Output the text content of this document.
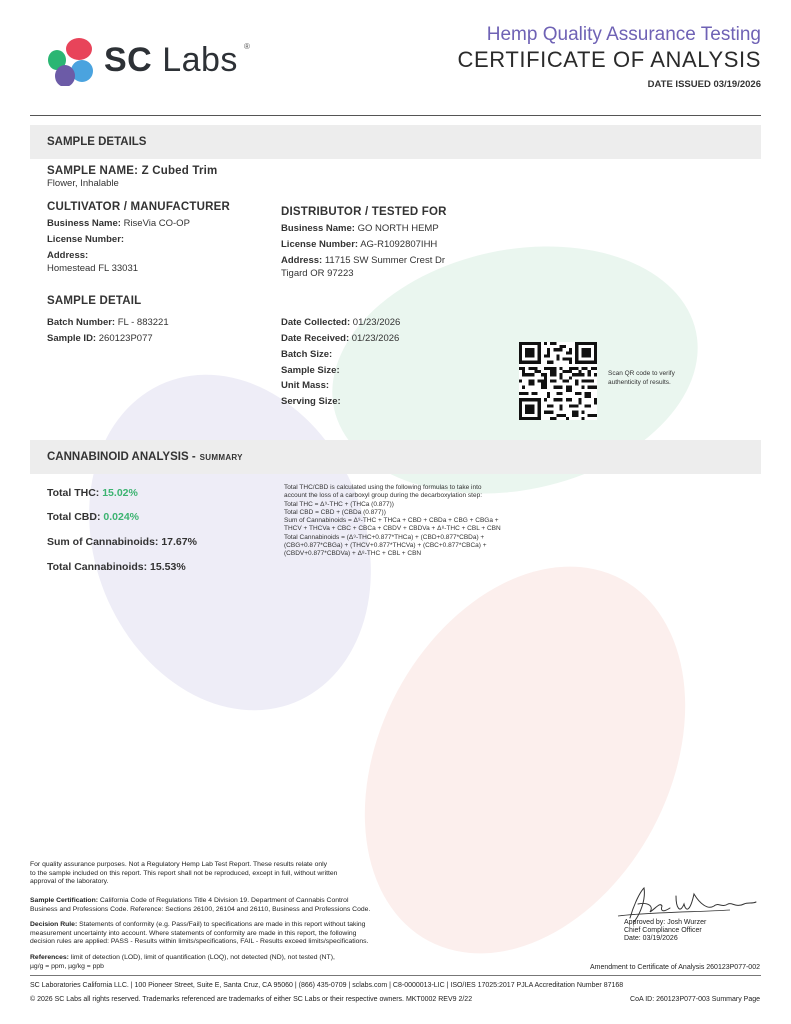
SC Labs ®
Hemp Quality Assurance Testing
CERTIFICATE OF ANALYSIS
DATE ISSUED 03/19/2026
SAMPLE DETAILS
SAMPLE NAME: Z Cubed Trim
Flower, Inhalable
CULTIVATOR / MANUFACTURER
Business Name: RiseVia CO-OP
License Number:
Address:
Homestead FL 33031
DISTRIBUTOR / TESTED FOR
Business Name: GO NORTH HEMP
License Number: AG-R1092807IHH
Address: 11715 SW Summer Crest Dr
Tigard OR 97223
SAMPLE DETAIL
Batch Number: FL - 883221
Sample ID: 260123P077
Date Collected: 01/23/2026
Date Received: 01/23/2026
Batch Size:
Sample Size:
Unit Mass:
Serving Size:
Scan QR code to verify
authenticity of results.
CANNABINOID ANALYSIS - SUMMARY
Total THC: 15.02%
Total CBD: 0.024%
Sum of Cannabinoids: 17.67%
Total Cannabinoids: 15.53%
Total THC/CBD is calculated using the following formulas to take into
account the loss of a carboxyl group during the decarboxylation step:
Total THC = Δ⁹-THC + (THCa (0.877))
Total CBD = CBD + (CBDa (0.877))
Sum of Cannabinoids = Δ⁹-THC + THCa + CBD + CBDa + CBG + CBGa +
THCV + THCVa + CBC + CBCa + CBDV + CBDVa + Δ⁸-THC + CBL + CBN
Total Cannabinoids = (Δ⁹-THC+0.877*THCa) + (CBD+0.877*CBDa) +
(CBG+0.877*CBGa) + (THCV+0.877*THCVa) + (CBC+0.877*CBCa) +
(CBDV+0.877*CBDVa) + Δ⁸-THC + CBL + CBN
For quality assurance purposes. Not a Regulatory Hemp Lab Test Report. These results relate only
to the sample included on this report. This report shall not be reproduced, except in full, without written
approval of the laboratory.
Sample Certification: California Code of Regulations Title 4 Division 19. Department of Cannabis Control
Business and Professions Code. Reference: Sections 26100, 26104 and 26110, Business and Professions Code.
Decision Rule: Statements of conformity (e.g. Pass/Fail) to specifications are made in this report without taking
measurement uncertainty into account. Where statements of conformity are made in this report, the following
decision rules are applied: PASS - Results within limits/specifications, FAIL - Results exceed limits/specifications.
References: limit of detection (LOD), limit of quantification (LOQ), not detected (ND), not tested (NT),
µg/g = ppm, µg/kg = ppb
Approved by: Josh Wurzer
Chief Compliance Officer
Date: 03/19/2026
Amendment to Certificate of Analysis 260123P077-002
SC Laboratories California LLC. | 100 Pioneer Street, Suite E, Santa Cruz, CA 95060 | (866) 435-0709 | sclabs.com | C8-0000013-LIC | ISO/IES 17025:2017 PJLA Accreditation Number 87168
© 2026 SC Labs all rights reserved. Trademarks referenced are trademarks of either SC Labs or their respective owners. MKT0002 REV9 2/22	CoA ID: 260123P077-003 Summary Page
